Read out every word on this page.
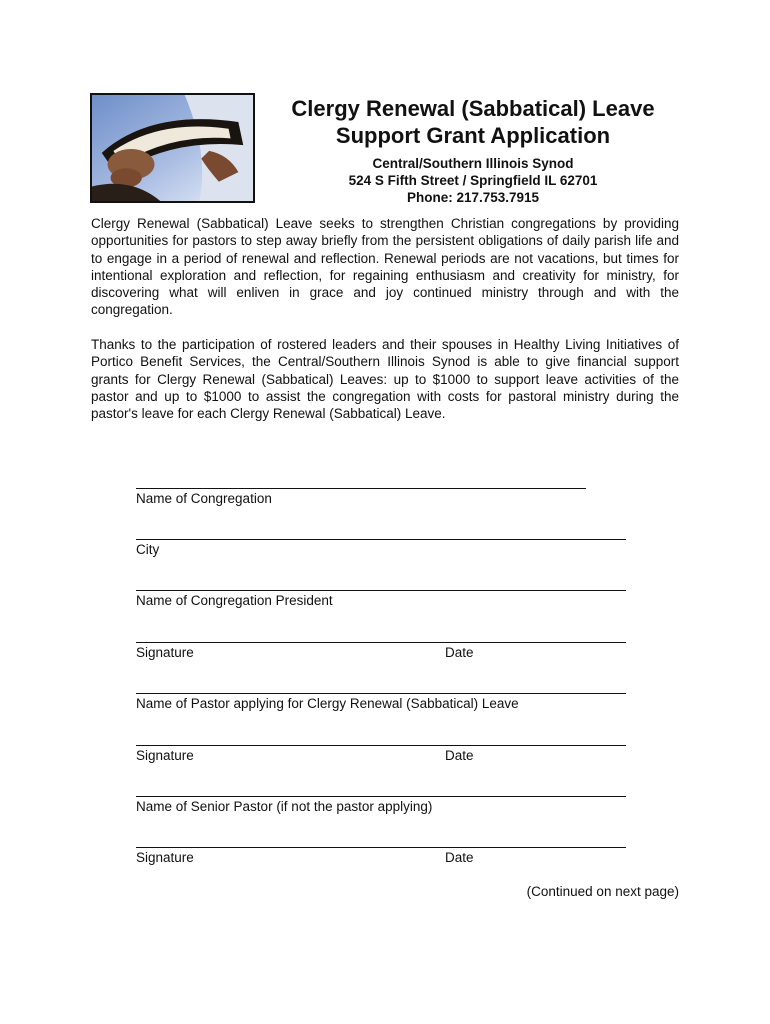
Clergy Renewal (Sabbatical) Leave

Support Grant Application

Central/Southern Illinois Synod

524 S Fifth Street / Springfield IL 62701

Phone: 217.753.7915

Clergy Renewal (Sabbatical) Leave seeks to strengthen Christian congregations by providing opportunities for pastors to step away briefly from the persistent obligations of daily parish life and to engage in a period of renewal and reflection. Renewal periods are not vacations, but times for intentional exploration and reflection, for regaining enthusiasm and creativity for ministry, for discovering what will enliven in grace and joy continued ministry through and with the congregation.

Thanks to the participation of rostered leaders and their spouses in Healthy Living Initiatives of Portico Benefit Services, the Central/Southern Illinois Synod is able to give financial support grants for Clergy Renewal (Sabbatical) Leaves: up to $1000 to support leave activities of the pastor and up to $1000 to assist the congregation with costs for pastoral ministry during the pastor's leave for each Clergy Renewal (Sabbatical) Leave.

Name of Congregation
City
Name of Congregation President
Signature	Date
Name of Pastor applying for Clergy Renewal (Sabbatical) Leave
Signature	Date
Name of Senior Pastor (if not the pastor applying)
Signature	Date
(Continued on next page)
